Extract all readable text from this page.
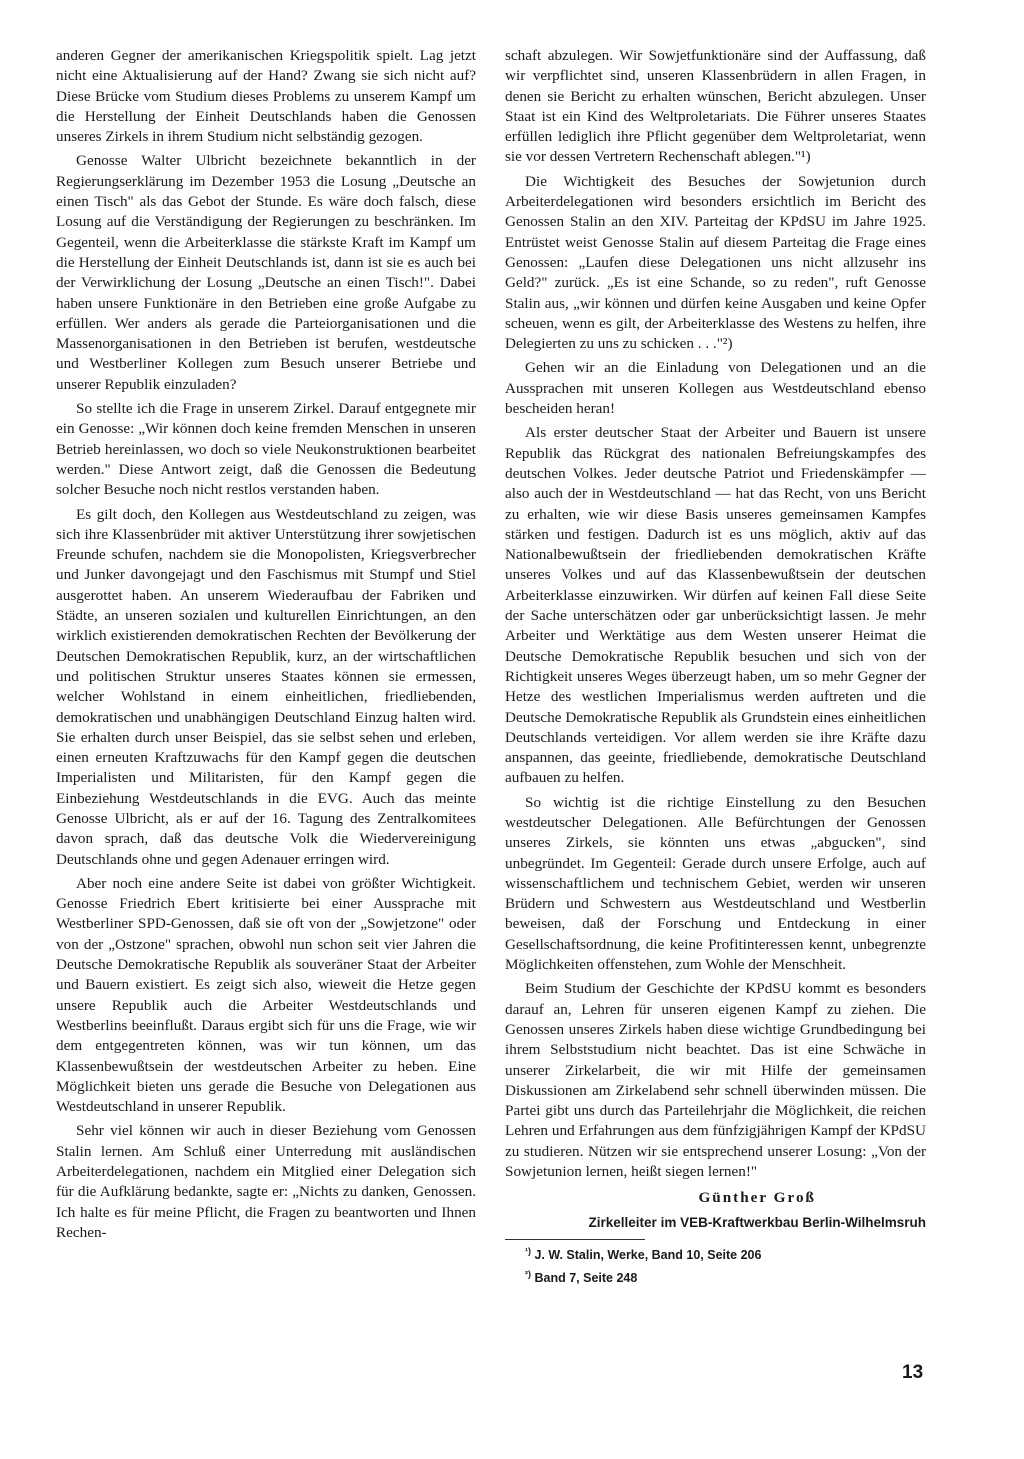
anderen Gegner der amerikanischen Kriegspolitik spielt. Lag jetzt nicht eine Aktualisierung auf der Hand? Zwang sie sich nicht auf? Diese Brücke vom Studium dieses Problems zu unserem Kampf um die Herstellung der Einheit Deutschlands haben die Genossen unseres Zirkels in ihrem Studium nicht selbständig gezogen.

Genosse Walter Ulbricht bezeichnete bekanntlich in der Regierungserklärung im Dezember 1953 die Losung „Deutsche an einen Tisch" als das Gebot der Stunde. Es wäre doch falsch, diese Losung auf die Verständigung der Regierungen zu beschränken. Im Gegenteil, wenn die Arbeiterklasse die stärkste Kraft im Kampf um die Herstellung der Einheit Deutschlands ist, dann ist sie es auch bei der Verwirklichung der Losung „Deutsche an einen Tisch!". Dabei haben unsere Funktionäre in den Betrieben eine große Aufgabe zu erfüllen. Wer anders als gerade die Parteiorganisationen und die Massenorganisationen in den Betrieben ist berufen, westdeutsche und Westberliner Kollegen zum Besuch unserer Betriebe und unserer Republik einzuladen?

So stellte ich die Frage in unserem Zirkel. Darauf entgegnete mir ein Genosse: „Wir können doch keine fremden Menschen in unseren Betrieb hereinlassen, wo doch so viele Neukonstruktionen bearbeitet werden." Diese Antwort zeigt, daß die Genossen die Bedeutung solcher Besuche noch nicht restlos verstanden haben.

Es gilt doch, den Kollegen aus Westdeutschland zu zeigen, was sich ihre Klassenbrüder mit aktiver Unterstützung ihrer sowjetischen Freunde schufen, nachdem sie die Monopolisten, Kriegsverbrecher und Junker davongejagt und den Faschismus mit Stumpf und Stiel ausgerottet haben. An unserem Wiederaufbau der Fabriken und Städte, an unseren sozialen und kulturellen Einrichtungen, an den wirklich existierenden demokratischen Rechten der Bevölkerung der Deutschen Demokratischen Republik, kurz, an der wirtschaftlichen und politischen Struktur unseres Staates können sie ermessen, welcher Wohlstand in einem einheitlichen, friedliebenden, demokratischen und unabhängigen Deutschland Einzug halten wird. Sie erhalten durch unser Beispiel, das sie selbst sehen und erleben, einen erneuten Kraftzuwachs für den Kampf gegen die deutschen Imperialisten und Militaristen, für den Kampf gegen die Einbeziehung Westdeutschlands in die EVG. Auch das meinte Genosse Ulbricht, als er auf der 16. Tagung des Zentralkomitees davon sprach, daß das deutsche Volk die Wiedervereinigung Deutschlands ohne und gegen Adenauer erringen wird.

Aber noch eine andere Seite ist dabei von größter Wichtigkeit. Genosse Friedrich Ebert kritisierte bei einer Aussprache mit Westberliner SPD-Genossen, daß sie oft von der „Sowjetzone" oder von der „Ostzone" sprachen, obwohl nun schon seit vier Jahren die Deutsche Demokratische Republik als souveräner Staat der Arbeiter und Bauern existiert. Es zeigt sich also, wieweit die Hetze gegen unsere Republik auch die Arbeiter Westdeutschlands und Westberlins beeinflußt. Daraus ergibt sich für uns die Frage, wie wir dem entgegentreten können, was wir tun können, um das Klassenbewußtsein der westdeutschen Arbeiter zu heben. Eine Möglichkeit bieten uns gerade die Besuche von Delegationen aus Westdeutschland in unserer Republik.

Sehr viel können wir auch in dieser Beziehung vom Genossen Stalin lernen. Am Schluß einer Unterredung mit ausländischen Arbeiterdelegationen, nachdem ein Mitglied einer Delegation sich für die Aufklärung bedankte, sagte er: „Nichts zu danken, Genossen. Ich halte es für meine Pflicht, die Fragen zu beantworten und Ihnen Rechen-

schaft abzulegen. Wir Sowjetfunktionäre sind der Auffassung, daß wir verpflichtet sind, unseren Klassenbrüdern in allen Fragen, in denen sie Bericht zu erhalten wünschen, Bericht abzulegen. Unser Staat ist ein Kind des Weltproletariats. Die Führer unseres Staates erfüllen lediglich ihre Pflicht gegenüber dem Weltproletariat, wenn sie vor dessen Vertretern Rechenschaft ablegen."¹)

Die Wichtigkeit des Besuches der Sowjetunion durch Arbeiterdelegationen wird besonders ersichtlich im Bericht des Genossen Stalin an den XIV. Parteitag der KPdSU im Jahre 1925. Entrüstet weist Genosse Stalin auf diesem Parteitag die Frage eines Genossen: „Laufen diese Delegationen uns nicht allzusehr ins Geld?" zurück. „Es ist eine Schande, so zu reden", ruft Genosse Stalin aus, „wir können und dürfen keine Ausgaben und keine Opfer scheuen, wenn es gilt, der Arbeiterklasse des Westens zu helfen, ihre Delegierten zu uns zu schicken . . ."²)

Gehen wir an die Einladung von Delegationen und an die Aussprachen mit unseren Kollegen aus Westdeutschland ebenso bescheiden heran!

Als erster deutscher Staat der Arbeiter und Bauern ist unsere Republik das Rückgrat des nationalen Befreiungskampfes des deutschen Volkes. Jeder deutsche Patriot und Friedenskämpfer — also auch der in Westdeutschland — hat das Recht, von uns Bericht zu erhalten, wie wir diese Basis unseres gemeinsamen Kampfes stärken und festigen. Dadurch ist es uns möglich, aktiv auf das Nationalbewußtsein der friedliebenden demokratischen Kräfte unseres Volkes und auf das Klassenbewußtsein der deutschen Arbeiterklasse einzuwirken. Wir dürfen auf keinen Fall diese Seite der Sache unterschätzen oder gar unberücksichtigt lassen. Je mehr Arbeiter und Werktätige aus dem Westen unserer Heimat die Deutsche Demokratische Republik besuchen und sich von der Richtigkeit unseres Weges überzeugt haben, um so mehr Gegner der Hetze des westlichen Imperialismus werden auftreten und die Deutsche Demokratische Republik als Grundstein eines einheitlichen Deutschlands verteidigen. Vor allem werden sie ihre Kräfte dazu anspannen, das geeinte, friedliebende, demokratische Deutschland aufbauen zu helfen.

So wichtig ist die richtige Einstellung zu den Besuchen westdeutscher Delegationen. Alle Befürchtungen der Genossen unseres Zirkels, sie könnten uns etwas „abgucken", sind unbegründet. Im Gegenteil: Gerade durch unsere Erfolge, auch auf wissenschaftlichem und technischem Gebiet, werden wir unseren Brüdern und Schwestern aus Westdeutschland und Westberlin beweisen, daß der Forschung und Entdeckung in einer Gesellschaftsordnung, die keine Profitinteressen kennt, unbegrenzte Möglichkeiten offenstehen, zum Wohle der Menschheit.

Beim Studium der Geschichte der KPdSU kommt es besonders darauf an, Lehren für unseren eigenen Kampf zu ziehen. Die Genossen unseres Zirkels haben diese wichtige Grundbedingung bei ihrem Selbststudium nicht beachtet. Das ist eine Schwäche in unserer Zirkelarbeit, die wir mit Hilfe der gemeinsamen Diskussionen am Zirkelabend sehr schnell überwinden müssen. Die Partei gibt uns durch das Parteilehrjahr die Möglichkeit, die reichen Lehren und Erfahrungen aus dem fünfzigjährigen Kampf der KPdSU zu studieren. Nützen wir sie entsprechend unserer Losung: „Von der Sowjetunion lernen, heißt siegen lernen!"

Günther Groß
Zirkelleiter im VEB-Kraftwerkbau Berlin-Wilhelmsruh

$^{^1)}$ J. W. Stalin, Werke, Band 10, Seite 206

$^{^2)}$ Band 7, Seite 248

13
